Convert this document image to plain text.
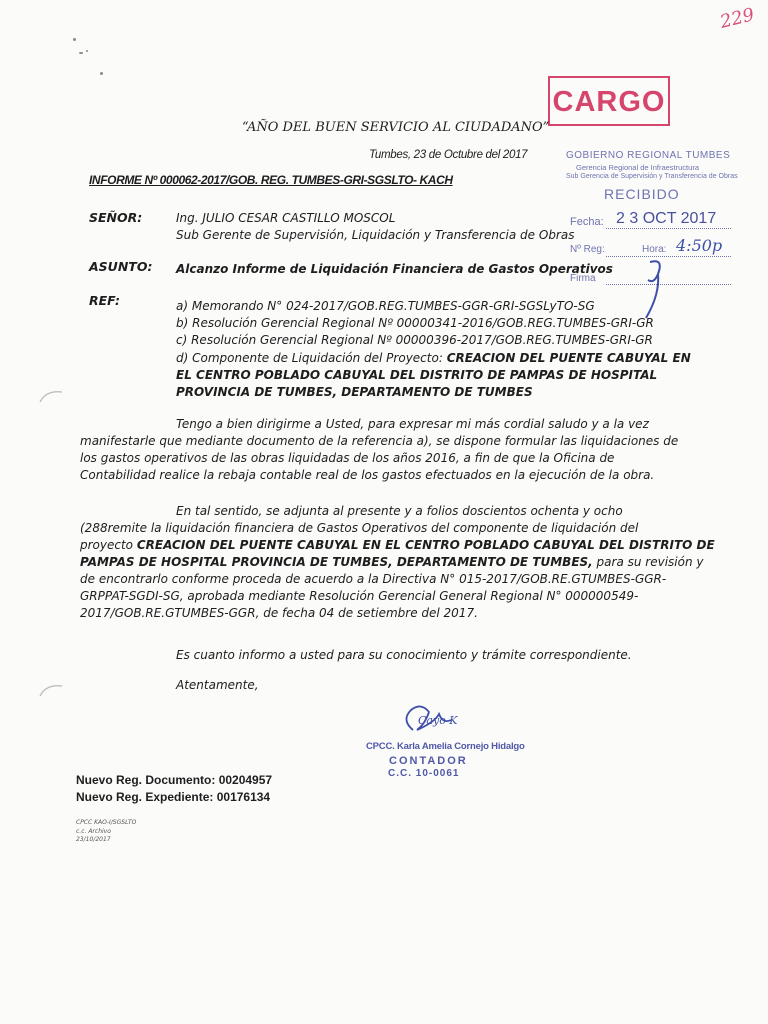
229
CARGO
GOBIERNO REGIONAL TUMBES
Gerencia Regional de Infraestructura
Sub Gerencia de Supervisión y Transferencia de Obras
RECIBIDO
Fecha: 2 3 OCT 2017
Nº Reg:	Hora: 4:50p
Firma
“AÑO DEL BUEN SERVICIO AL CIUDADANO”
Tumbes, 23 de Octubre del 2017
INFORME Nº 000062-2017/GOB. REG. TUMBES-GRI-SGSLTO- KACH
SEÑOR:	Ing. JULIO CESAR CASTILLO MOSCOL
Sub Gerente de Supervisión, Liquidación y Transferencia de Obras
ASUNTO: Alcanzo Informe de Liquidación Financiera de Gastos Operativos
REF:	a) Memorando N° 024-2017/GOB.REG.TUMBES-GGR-GRI-SGSLyTO-SG
b) Resolución Gerencial Regional Nº 00000341-2016/GOB.REG.TUMBES-GRI-GR
c) Resolución Gerencial Regional Nº 00000396-2017/GOB.REG.TUMBES-GRI-GR
d) Componente de Liquidación del Proyecto: CREACION DEL PUENTE CABUYAL EN
EL CENTRO POBLADO CABUYAL DEL DISTRITO DE PAMPAS DE HOSPITAL
PROVINCIA DE TUMBES, DEPARTAMENTO DE TUMBES
Tengo a bien dirigirme a Usted, para expresar mi más cordial saludo y a la vez
manifestarle que mediante documento de la referencia a), se dispone formular las liquidaciones de
los gastos operativos de las obras liquidadas de los años 2016, a fin de que la Oficina de
Contabilidad realice la rebaja contable real de los gastos efectuados en la ejecución de la obra.
En tal sentido, se adjunta al presente y a folios doscientos ochenta y ocho
(288remite la liquidación financiera de Gastos Operativos del componente de liquidación del
proyecto CREACION DEL PUENTE CABUYAL EN EL CENTRO POBLADO CABUYAL DEL DISTRITO DE
PAMPAS DE HOSPITAL PROVINCIA DE TUMBES, DEPARTAMENTO DE TUMBES, para su revisión y
de encontrarlo conforme proceda de acuerdo a la Directiva N° 015-2017/GOB.RE.GTUMBES-GGR-
GRPPAT-SGDI-SG, aprobada mediante Resolución Gerencial General Regional N° 000000549-
2017/GOB.RE.GTUMBES-GGR, de fecha 04 de setiembre del 2017.
Es cuanto informo a usted para su conocimiento y trámite correspondiente.
Atentamente,
Cayo K
CPCC. Karla Amelia Cornejo Hidalgo
CONTADOR
C.C. 10-0061
Nuevo Reg. Documento: 00204957
Nuevo Reg. Expediente: 00176134
CPCC KAO-I/SGSLTO
c.c. Archivo
23/10/2017
